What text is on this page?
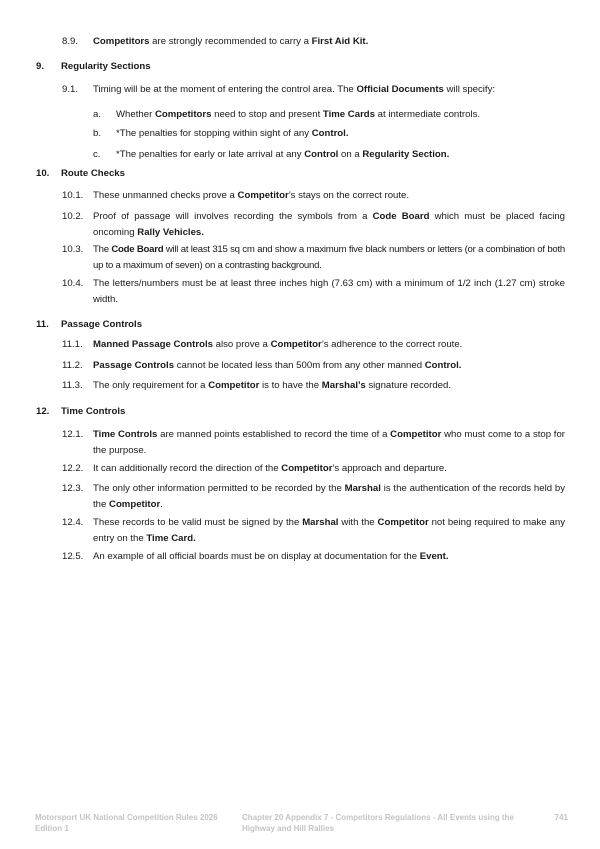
8.9. Competitors are strongly recommended to carry a First Aid Kit.
9. Regularity Sections
9.1. Timing will be at the moment of entering the control area. The Official Documents will specify:
a. Whether Competitors need to stop and present Time Cards at intermediate controls.
b. *The penalties for stopping within sight of any Control.
c. *The penalties for early or late arrival at any Control on a Regularity Section.
10. Route Checks
10.1. These unmanned checks prove a Competitor’s stays on the correct route.
10.2. Proof of passage will involves recording the symbols from a Code Board which must be placed facing oncoming Rally Vehicles.
10.3. The Code Board will at least 315 sq cm and show a maximum five black numbers or letters (or a combination of both up to a maximum of seven) on a contrasting background.
10.4. The letters/numbers must be at least three inches high (7.63 cm) with a minimum of 1/2 inch (1.27 cm) stroke width.
11. Passage Controls
11.1. Manned Passage Controls also prove a Competitor’s adherence to the correct route.
11.2. Passage Controls cannot be located less than 500m from any other manned Control.
11.3. The only requirement for a Competitor is to have the Marshal’s signature recorded.
12. Time Controls
12.1. Time Controls are manned points established to record the time of a Competitor who must come to a stop for the purpose.
12.2. It can additionally record the direction of the Competitor’s approach and departure.
12.3. The only other information permitted to be recorded by the Marshal is the authentication of the records held by the Competitor.
12.4. These records to be valid must be signed by the Marshal with the Competitor not being required to make any entry on the Time Card.
12.5. An example of all official boards must be on display at documentation for the Event.
Motorsport UK National Competition Rules 2026
Edition 1
Chapter 20 Appendix 7 - Competitors Regulations - All Events using the
Highway and Hill Rallies
741
